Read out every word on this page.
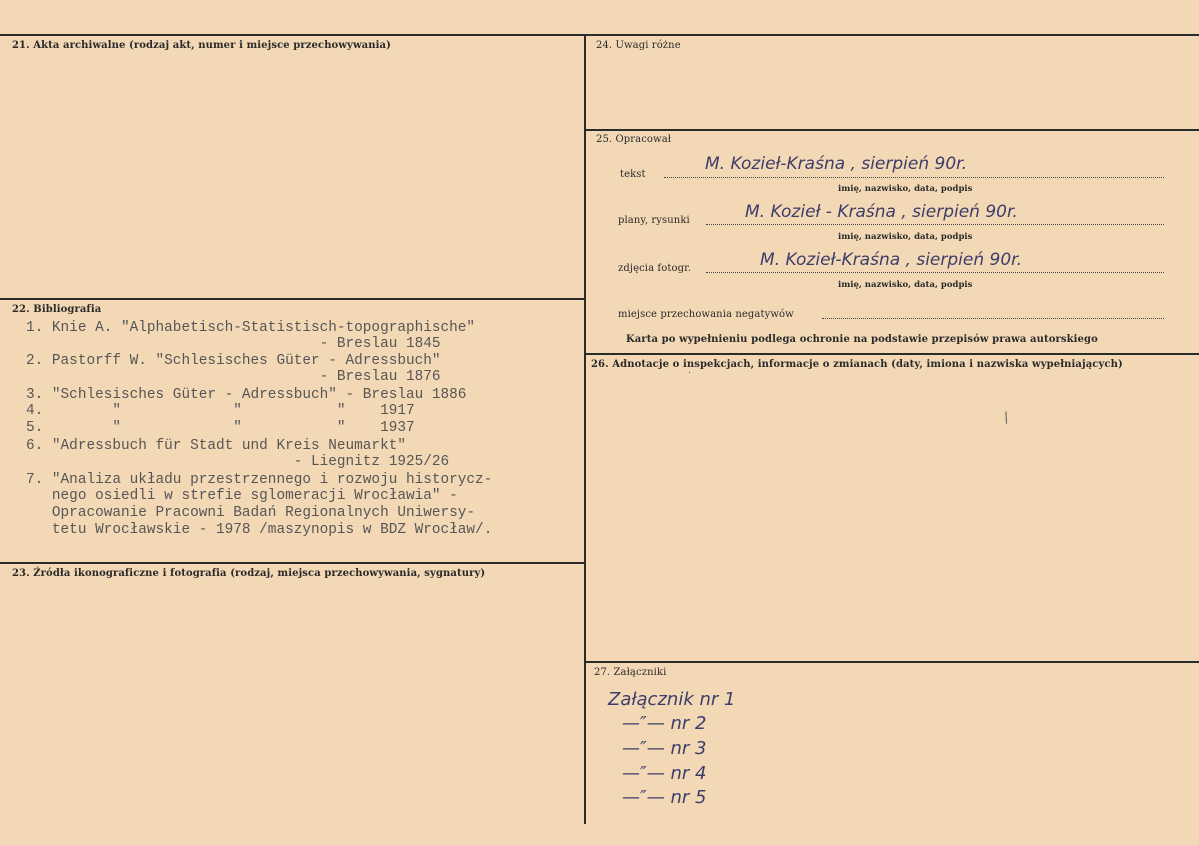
21. Akta archiwalne (rodzaj akt, numer i miejsce przechowywania)
22. Bibliografia
1. Knie A. "Alphabetisch-Statistisch-topographische"
- Breslau 1845
2. Pastorff W. "Schlesisches Güter - Adressbuch"
- Breslau 1876
3. "Schlesisches Güter - Adressbuch" - Breslau 1886
4.        "             "           "    1917
5.        "             "           "    1937
6. "Adressbuch für Stadt und Kreis Neumarkt"
- Liegnitz 1925/26
7. "Analiza układu przestrzennego i rozwoju historycz-
nego osiedli w strefie sglomeracji Wrocławia" -
Opracowanie Pracowni Badań Regionalnych Uniwersy-
tetu Wrocławskie - 1978 /maszynopis w BDZ Wrocław/.
23. Źródła ikonograficzne i fotografia (rodzaj, miejsca przechowywania, sygnatury)
24. Uwagi różne
25. Opracował
tekst
M. Kozieł-Kraśna , sierpień 90r.
imię, nazwisko, data, podpis
plany, rysunki	M. Kozieł - Kraśna , sierpień 90r.
imię, nazwisko, data, podpis
zdjęcia fotogr.	M. Kozieł-Kraśna , sierpień 90r.
imię, nazwisko, data, podpis
miejsce przechowania negatywów
Karta po wypełnieniu podlega ochronie na podstawie przepisów prawa autorskiego
26. Adnotacje o inspekcjach, informacje o zmianach (daty, imiona i nazwiska wypełniających)
·
/
27. Załączniki
Załącznik nr 1
—″— nr 2
—″— nr 3
—″— nr 4
—″— nr 5
